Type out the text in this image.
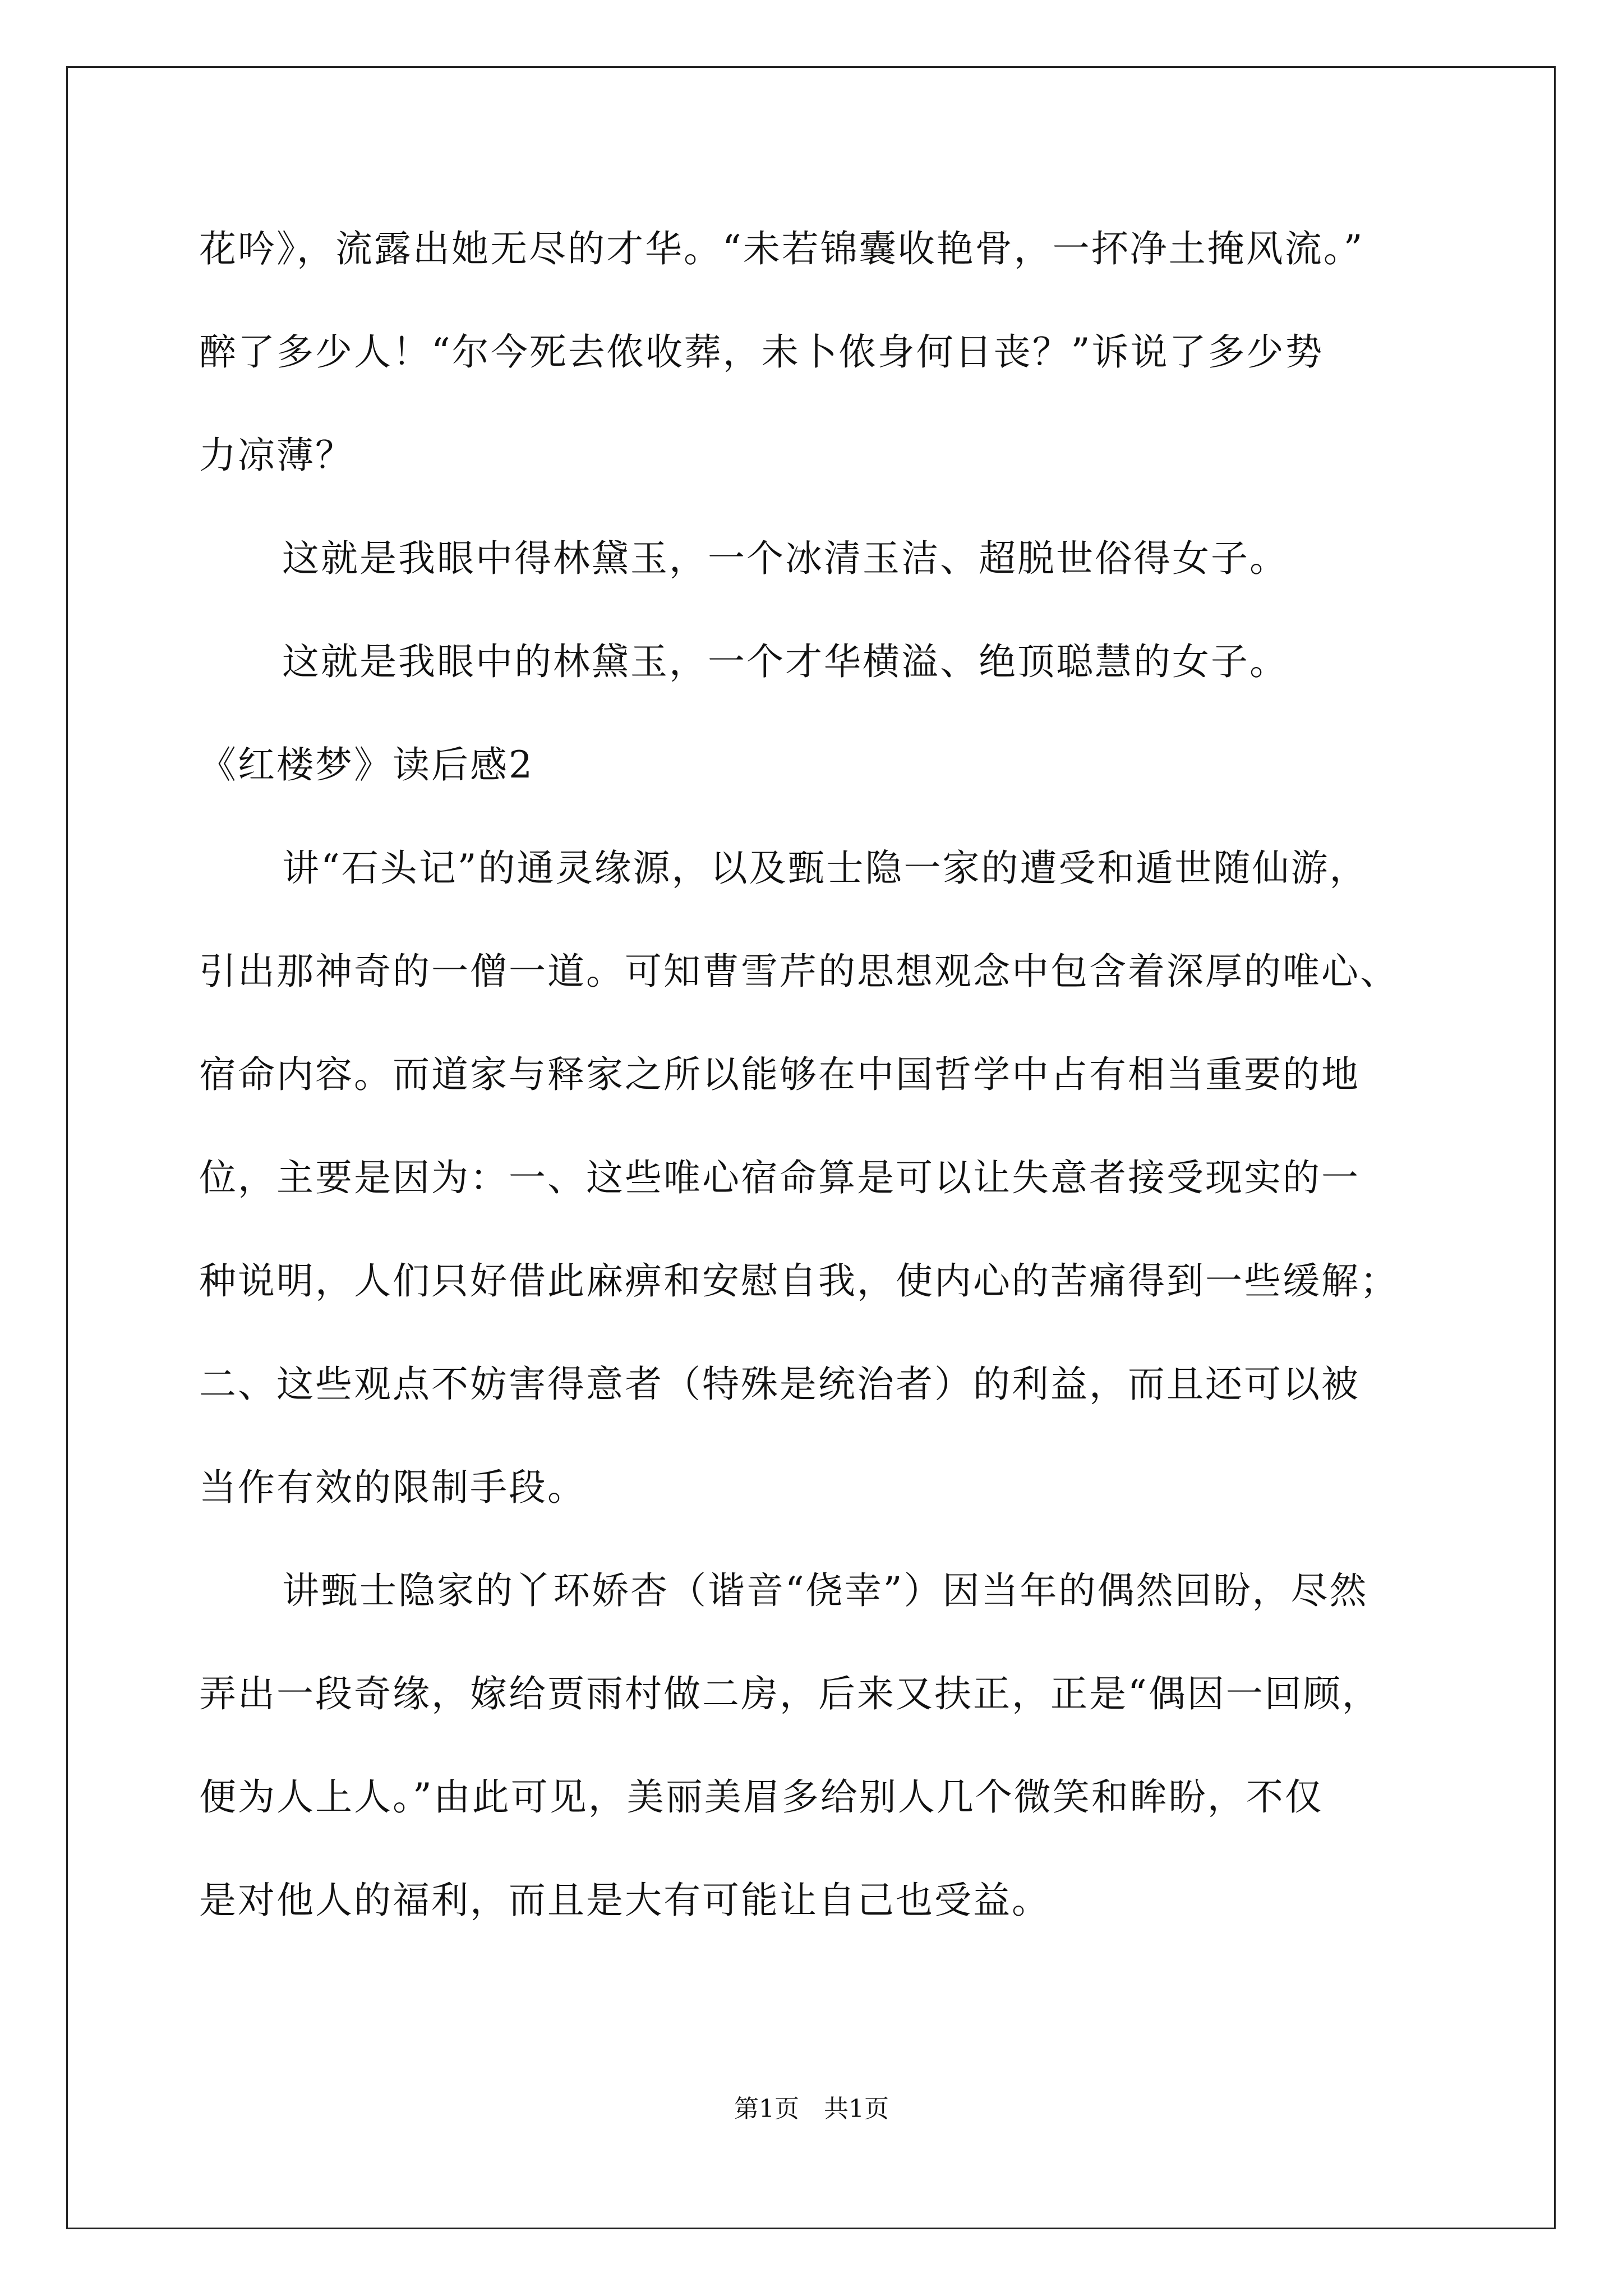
花吟》，流露出她无尽的才华。“未若锦囊收艳骨，一抔净土掩风流。”
醉了多少人！“尔今死去侬收葬，未卜侬身何日丧？”诉说了多少势
力凉薄？
这就是我眼中得林黛玉，一个冰清玉洁、超脱世俗得女子。
这就是我眼中的林黛玉，一个才华横溢、绝顶聪慧的女子。
《红楼梦》读后感2
讲“石头记”的通灵缘源，以及甄士隐一家的遭受和遁世随仙游，
引出那神奇的一僧一道。可知曹雪芹的思想观念中包含着深厚的唯心、
宿命内容。而道家与释家之所以能够在中国哲学中占有相当重要的地
位，主要是因为：一、这些唯心宿命算是可以让失意者接受现实的一
种说明，人们只好借此麻痹和安慰自我，使内心的苦痛得到一些缓解；
二、这些观点不妨害得意者（特殊是统治者）的利益，而且还可以被
当作有效的限制手段。
讲甄士隐家的丫环娇杏（谐音“侥幸”）因当年的偶然回盼，尽然
弄出一段奇缘，嫁给贾雨村做二房，后来又扶正，正是“偶因一回顾，
便为人上人。”由此可见，美丽美眉多给别人几个微笑和眸盼，不仅
是对他人的福利，而且是大有可能让自己也受益。
第1页　共1页
